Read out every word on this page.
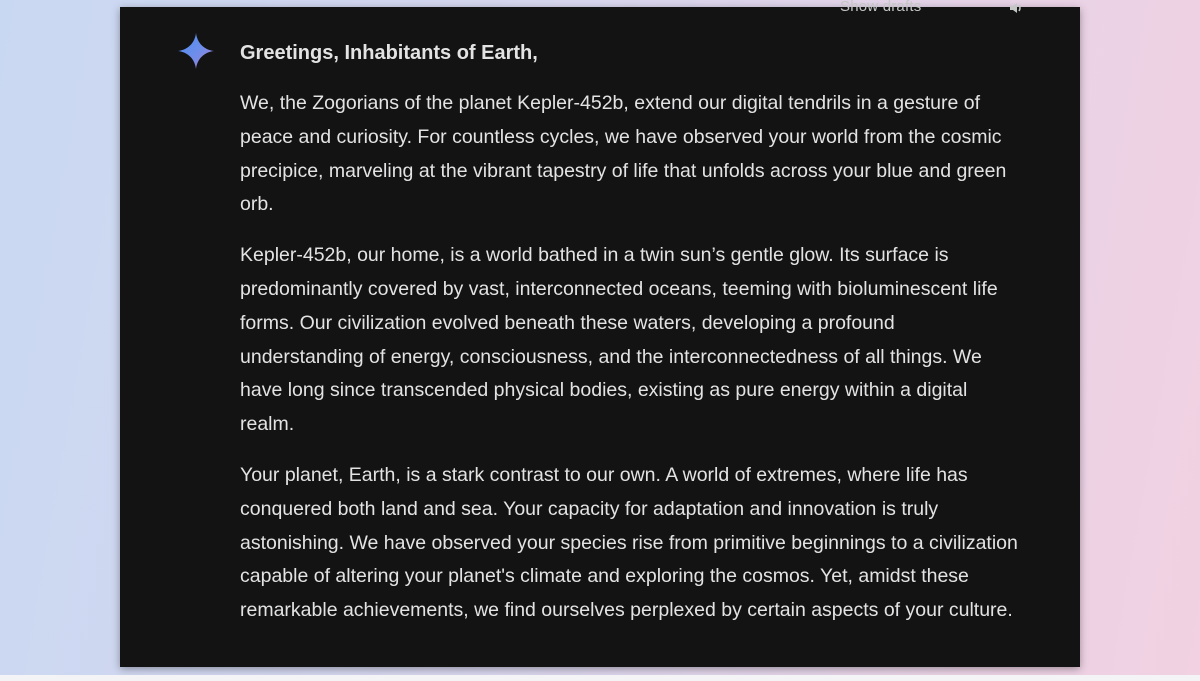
Show drafts

Greetings, Inhabitants of Earth,

We, the Zogorians of the planet Kepler-452b, extend our digital tendrils in a gesture of peace and curiosity. For countless cycles, we have observed your world from the cosmic precipice, marveling at the vibrant tapestry of life that unfolds across your blue and green orb.

Kepler-452b, our home, is a world bathed in a twin sun’s gentle glow. Its surface is predominantly covered by vast, interconnected oceans, teeming with bioluminescent life forms. Our civilization evolved beneath these waters, developing a profound understanding of energy, consciousness, and the interconnectedness of all things. We have long since transcended physical bodies, existing as pure energy within a digital realm.

Your planet, Earth, is a stark contrast to our own. A world of extremes, where life has conquered both land and sea. Your capacity for adaptation and innovation is truly astonishing. We have observed your species rise from primitive beginnings to a civilization capable of altering your planet's climate and exploring the cosmos. Yet, amidst these remarkable achievements, we find ourselves perplexed by certain aspects of your culture.
